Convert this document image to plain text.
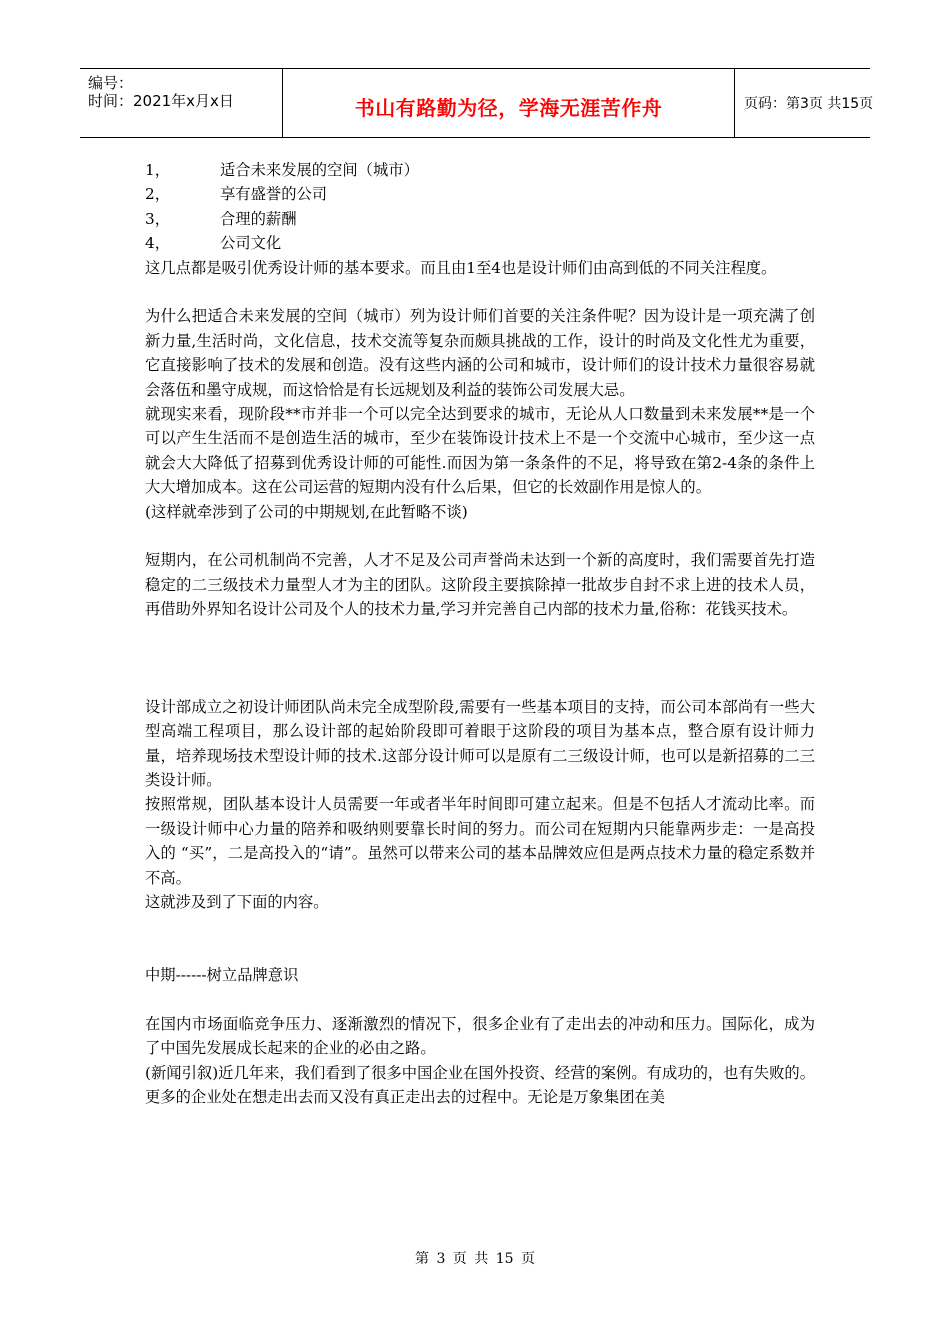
编号：
时间：2021年x月x日	书山有路勤为径，学海无涯苦作舟	页码：第3页 共15页
1，	适合未来发展的空间（城市）
2，	享有盛誉的公司
3，	合理的薪酬
4，	公司文化

这几点都是吸引优秀设计师的基本要求。而且由1至4也是设计师们由高到低的不同关注程度。

为什么把适合未来发展的空间（城市）列为设计师们首要的关注条件呢？因为设计是一项充满了创新力量,生活时尚，文化信息，技术交流等复杂而颇具挑战的工作，设计的时尚及文化性尤为重要，它直接影响了技术的发展和创造。没有这些内涵的公司和城市，设计师们的设计技术力量很容易就会落伍和墨守成规，而这恰恰是有长远规划及利益的装饰公司发展大忌。

就现实来看，现阶段**市并非一个可以完全达到要求的城市，无论从人口数量到未来发展**是一个可以产生生活而不是创造生活的城市，至少在装饰设计技术上不是一个交流中心城市，至少这一点就会大大降低了招募到优秀设计师的可能性.而因为第一条条件的不足，将导致在第2-4条的条件上大大增加成本。这在公司运营的短期内没有什么后果，但它的长效副作用是惊人的。

(这样就牵涉到了公司的中期规划,在此暂略不谈)

短期内，在公司机制尚不完善，人才不足及公司声誉尚未达到一个新的高度时，我们需要首先打造稳定的二三级技术力量型人才为主的团队。这阶段主要摈除掉一批故步自封不求上进的技术人员，再借助外界知名设计公司及个人的技术力量,学习并完善自己内部的技术力量,俗称：花钱买技术。

设计部成立之初设计师团队尚未完全成型阶段,需要有一些基本项目的支持，而公司本部尚有一些大型高端工程项目，那么设计部的起始阶段即可着眼于这阶段的项目为基本点，整合原有设计师力量，培养现场技术型设计师的技术.这部分设计师可以是原有二三级设计师，也可以是新招募的二三类设计师。

按照常规，团队基本设计人员需要一年或者半年时间即可建立起来。但是不包括人才流动比率。而一级设计师中心力量的陪养和吸纳则要靠长时间的努力。而公司在短期内只能靠两步走：一是高投入的 “买”，二是高投入的“请”。虽然可以带来公司的基本品牌效应但是两点技术力量的稳定系数并不高。

这就涉及到了下面的内容。

中期------树立品牌意识

在国内市场面临竞争压力、逐渐激烈的情况下，很多企业有了走出去的冲动和压力。国际化，成为了中国先发展成长起来的企业的必由之路。

(新闻引叙)近几年来，我们看到了很多中国企业在国外投资、经营的案例。有成功的，也有失败的。更多的企业处在想走出去而又没有真正走出去的过程中。无论是万象集团在美

第 3 页 共 15 页
